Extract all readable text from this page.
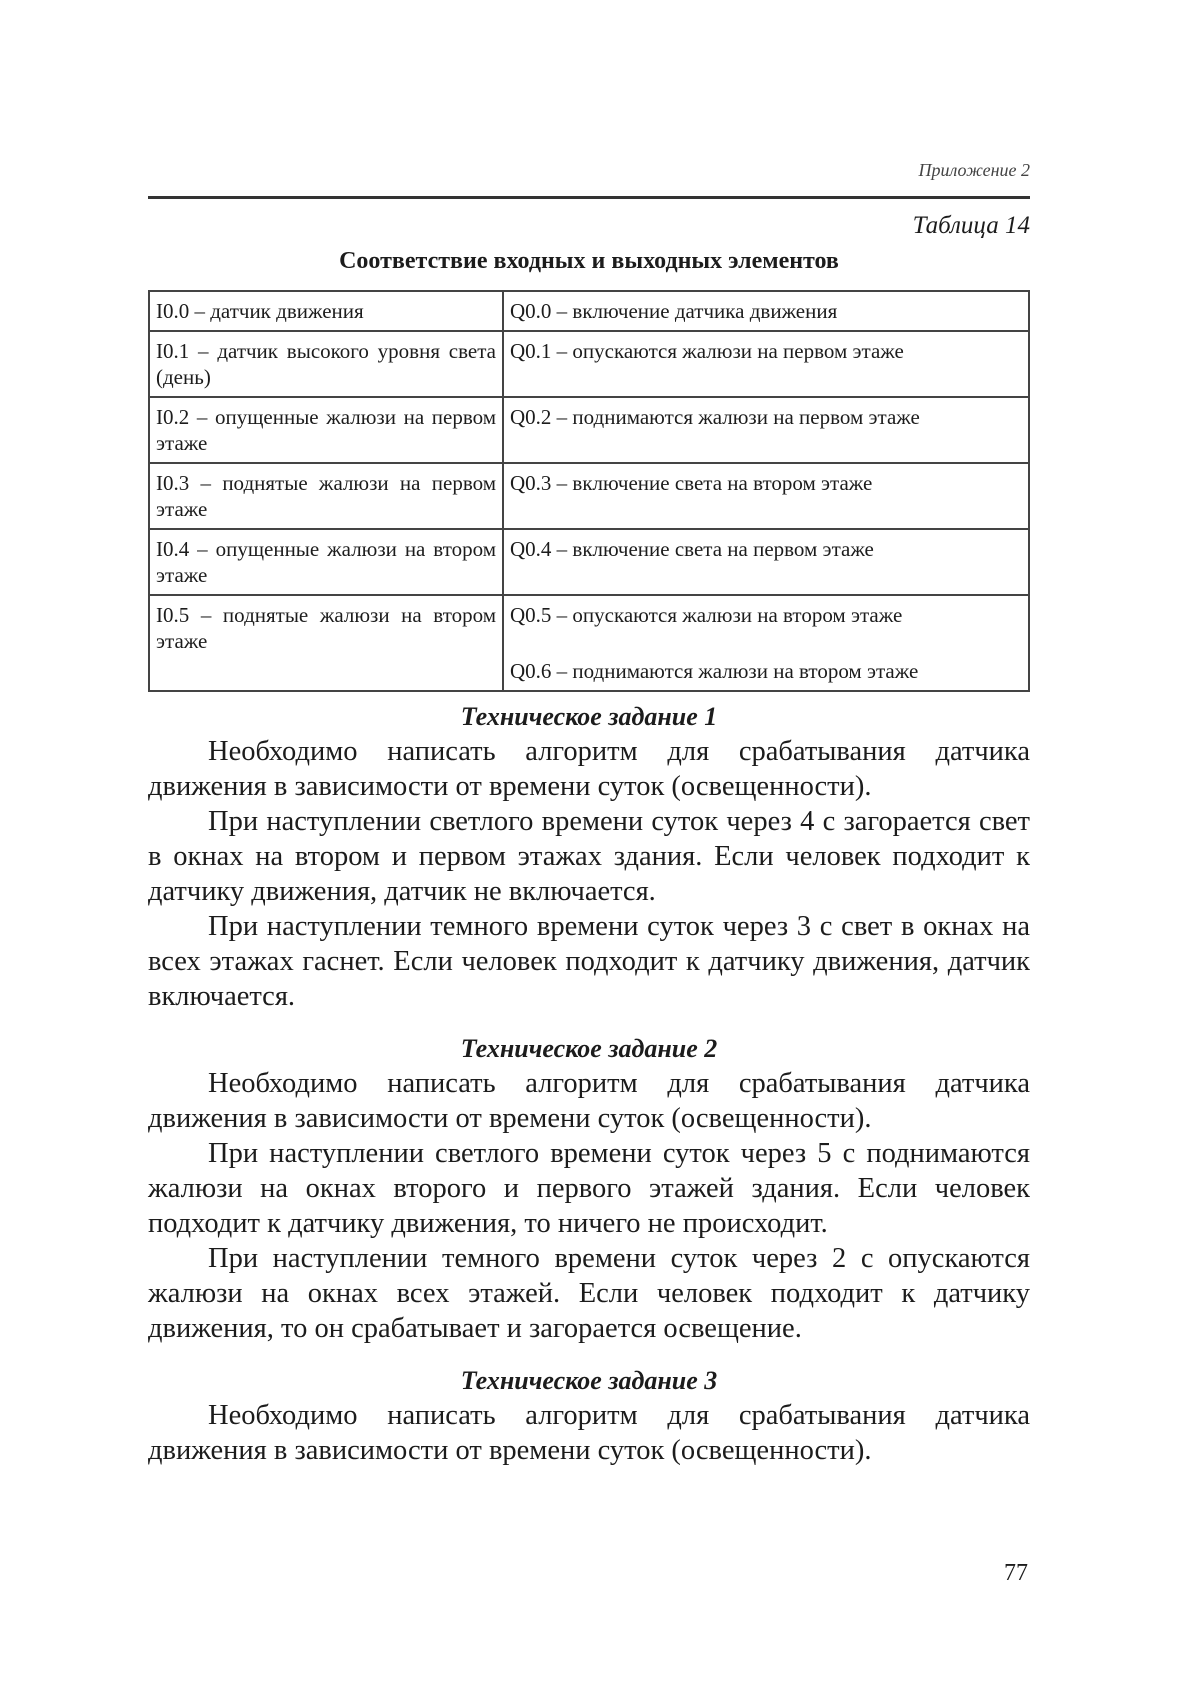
Приложение 2
Таблица 14
Соответствие входных и выходных элементов
I0.0 – датчик движения	Q0.0 – включение датчика движения

I0.1 – датчик высокого уровня света (день)	Q0.1 – опускаются жалюзи на первом этаже

I0.2 – опущенные жалюзи на первом этаже	Q0.2 – поднимаются жалюзи на первом этаже

I0.3 – поднятые жалюзи на первом этаже	Q0.3 – включение света на втором этаже

I0.4 – опущенные жалюзи на втором этаже	Q0.4 – включение света на первом этаже

I0.5 – поднятые жалюзи на втором этаже	Q0.5 – опускаются жалюзи на втором этаже
Q0.6 – поднимаются жалюзи на втором этаже

Техническое задание 1

Необходимо написать алгоритм для срабатывания датчика движения в зависимости от времени суток (освещенности).

При наступлении светлого времени суток через 4 с загорается свет в окнах на втором и первом этажах здания. Если человек подходит к датчику движения, датчик не включается.

При наступлении темного времени суток через 3 с свет в окнах на всех этажах гаснет. Если человек подходит к датчику движения, датчик включается.

Техническое задание 2

Необходимо написать алгоритм для срабатывания датчика движения в зависимости от времени суток (освещенности).

При наступлении светлого времени суток через 5 с поднимаются жалюзи на окнах второго и первого этажей здания. Если человек подходит к датчику движения, то ничего не происходит.

При наступлении темного времени суток через 2 с опускаются жалюзи на окнах всех этажей. Если человек подходит к датчику движения, то он срабатывает и загорается освещение.

Техническое задание 3

Необходимо написать алгоритм для срабатывания датчика движения в зависимости от времени суток (освещенности).

77
